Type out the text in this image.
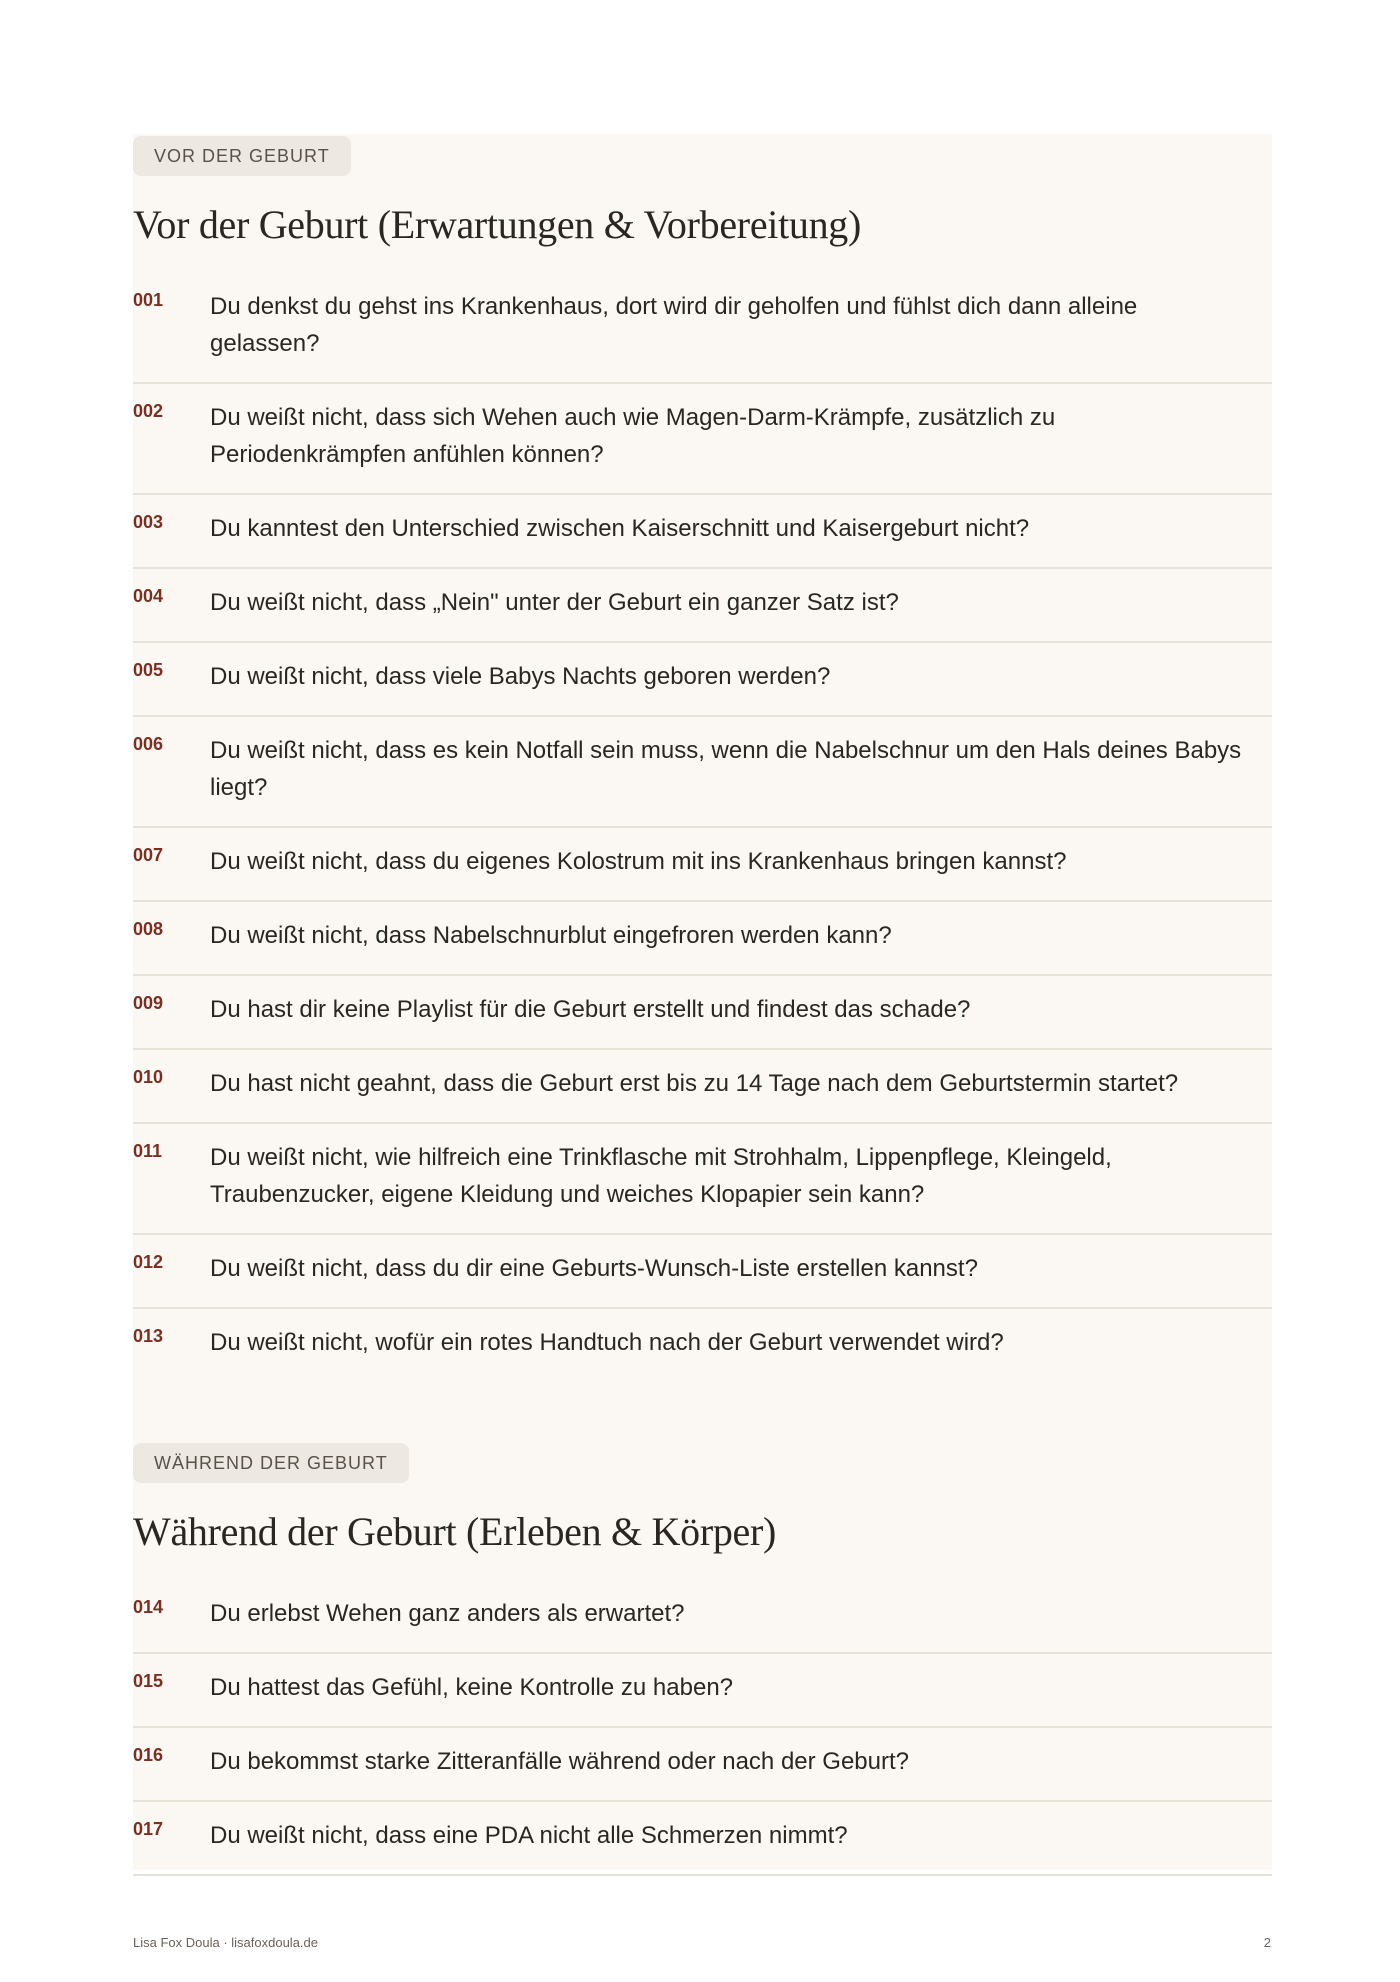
VOR DER GEBURT
Vor der Geburt (Erwartungen & Vorbereitung)
001	Du denkst du gehst ins Krankenhaus, dort wird dir geholfen und fühlst dich dann alleine gelassen?
002	Du weißt nicht, dass sich Wehen auch wie Magen-Darm-Krämpfe, zusätzlich zu Periodenkrämpfen anfühlen können?
003	Du kanntest den Unterschied zwischen Kaiserschnitt und Kaisergeburt nicht?
004	Du weißt nicht, dass „Nein" unter der Geburt ein ganzer Satz ist?
005	Du weißt nicht, dass viele Babys Nachts geboren werden?
006	Du weißt nicht, dass es kein Notfall sein muss, wenn die Nabelschnur um den Hals deines Babys liegt?
007	Du weißt nicht, dass du eigenes Kolostrum mit ins Krankenhaus bringen kannst?
008	Du weißt nicht, dass Nabelschnurblut eingefroren werden kann?
009	Du hast dir keine Playlist für die Geburt erstellt und findest das schade?
010	Du hast nicht geahnt, dass die Geburt erst bis zu 14 Tage nach dem Geburtstermin startet?
011	Du weißt nicht, wie hilfreich eine Trinkflasche mit Strohhalm, Lippenpflege, Kleingeld, Traubenzucker, eigene Kleidung und weiches Klopapier sein kann?
012	Du weißt nicht, dass du dir eine Geburts-Wunsch-Liste erstellen kannst?
013	Du weißt nicht, wofür ein rotes Handtuch nach der Geburt verwendet wird?
WÄHREND DER GEBURT
Während der Geburt (Erleben & Körper)
014	Du erlebst Wehen ganz anders als erwartet?
015	Du hattest das Gefühl, keine Kontrolle zu haben?
016	Du bekommst starke Zitteranfälle während oder nach der Geburt?
017	Du weißt nicht, dass eine PDA nicht alle Schmerzen nimmt?
Lisa Fox Doula · lisafoxdoula.de	2
